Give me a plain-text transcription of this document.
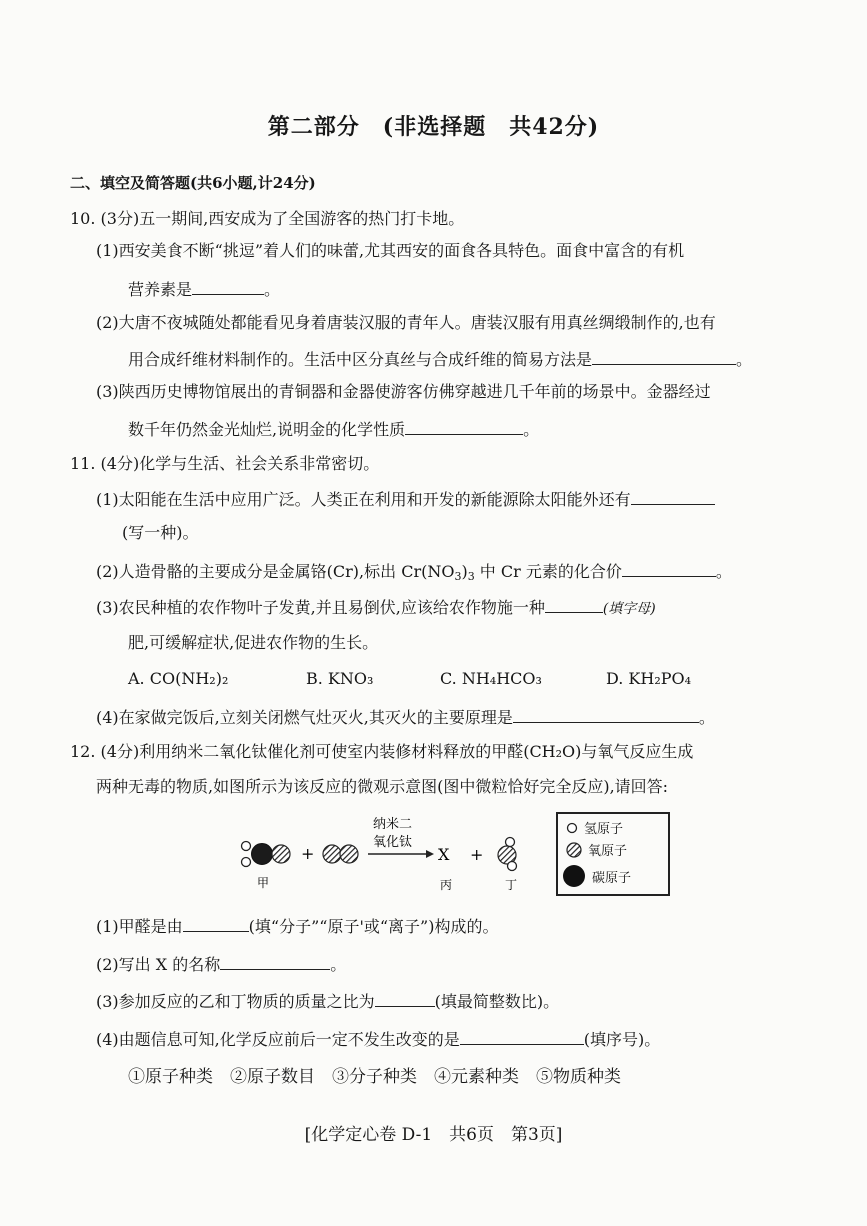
第二部分　(非选择题　共42分)
二、填空及简答题(共6小题,计24分)
10. (3分)五一期间,西安成为了全国游客的热门打卡地。
(1)西安美食不断“挑逗”着人们的味蕾,尤其西安的面食各具特色。面食中富含的有机
营养素是	。
(2)大唐不夜城随处都能看见身着唐装汉服的青年人。唐装汉服有用真丝绸缎制作的,也有
用合成纤维材料制作的。生活中区分真丝与合成纤维的简易方法是	。
(3)陕西历史博物馆展出的青铜器和金器使游客仿佛穿越进几千年前的场景中。金器经过
数千年仍然金光灿烂,说明金的化学性质	。
11. (4分)化学与生活、社会关系非常密切。
(1)太阳能在生活中应用广泛。人类正在利用和开发的新能源除太阳能外还有
(写一种)。
(2)人造骨骼的主要成分是金属铬(Cr),标出 $Cr(NO_3)_3$ 中 Cr 元素的化合价	。
(3)农民种植的农作物叶子发黄,并且易倒伏,应该给农作物施一种	(填字母)
肥,可缓解症状,促进农作物的生长。
A. CO(NH₂)₂	B. KNO₃	C. NH₄HCO₃	D. KH₂PO₄
(4)在家做完饭后,立刻关闭燃气灶灭火,其灭火的主要原理是	。
12. (4分)利用纳米二氧化钛催化剂可使室内装修材料释放的甲醛(CH₂O)与氧气反应生成
两种无毒的物质,如图所示为该反应的微观示意图(图中微粒恰好完全反应),请回答:
+
纳米二
氧化钛
X +
甲	丙	丁
氢原子
氧原子
碳原子
(1)甲醛是由	(填“分子”“原子'或“离子”)构成的。
(2)写出 X 的名称	。
(3)参加反应的乙和丁物质的质量之比为	(填最简整数比)。
(4)由题信息可知,化学反应前后一定不发生改变的是	(填序号)。
①原子种类　②原子数目　③分子种类　④元素种类　⑤物质种类
[化学定心卷 D-1　共6页　第3页]
